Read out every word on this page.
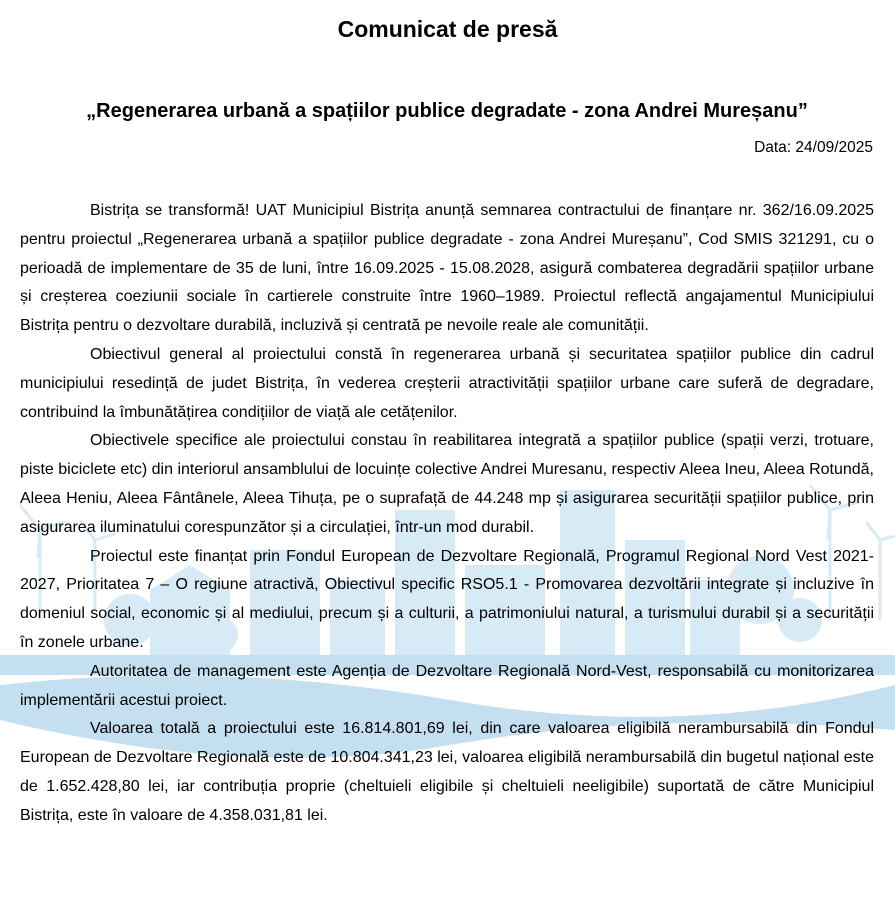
Comunicat de presă
„Regenerarea urbană a spațiilor publice degradate - zona Andrei Mureșanu”
Data: 24/09/2025

Bistrița se transformă! UAT Municipiul Bistrița anunță semnarea contractului de finanțare nr. 362/16.09.2025 pentru proiectul „Regenerarea urbană a spațiilor publice degradate - zona Andrei Mureșanu”, Cod SMIS 321291, cu o perioadă de implementare de 35 de luni, între 16.09.2025 - 15.08.2028, asigură combaterea degradării spațiilor urbane și creșterea coeziunii sociale în cartierele construite între 1960–1989. Proiectul reflectă angajamentul Municipiului Bistrița pentru o dezvoltare durabilă, incluzivă și centrată pe nevoile reale ale comunității.

Obiectivul general al proiectului constă în regenerarea urbană și securitatea spațiilor publice din cadrul municipiului resedință de judet Bistrița, în vederea creșterii atractivității spațiilor urbane care suferă de degradare, contribuind la îmbunătățirea condițiilor de viață ale cetățenilor.

Obiectivele specifice ale proiectului constau în reabilitarea integrată a spațiilor publice (spații verzi, trotuare, piste biciclete etc) din interiorul ansamblului de locuințe colective Andrei Muresanu, respectiv Aleea Ineu, Aleea Rotundă, Aleea Heniu, Aleea Fântânele, Aleea Tihuța, pe o suprafață de 44.248 mp și asigurarea securității spațiilor publice, prin asigurarea iluminatului corespunzător și a circulației, într-un mod durabil.

Proiectul este finanțat prin Fondul European de Dezvoltare Regională, Programul Regional Nord Vest 2021-2027, Prioritatea 7 – O regiune atractivă, Obiectivul specific RSO5.1 - Promovarea dezvoltării integrate și incluzive în domeniul social, economic și al mediului, precum și a culturii, a patrimoniului natural, a turismului durabil și a securității în zonele urbane.

Autoritatea de management este Agenția de Dezvoltare Regională Nord-Vest, responsabilă cu monitorizarea implementării acestui proiect.

Valoarea totală a proiectului este 16.814.801,69 lei, din care valoarea eligibilă nerambursabilă din Fondul European de Dezvoltare Regională este de 10.804.341,23 lei, valoarea eligibilă nerambursabilă din bugetul național este de 1.652.428,80 lei, iar contribuția proprie (cheltuieli eligibile și cheltuieli neeligibile) suportată de către Municipiul Bistrița, este în valoare de 4.358.031,81 lei.
